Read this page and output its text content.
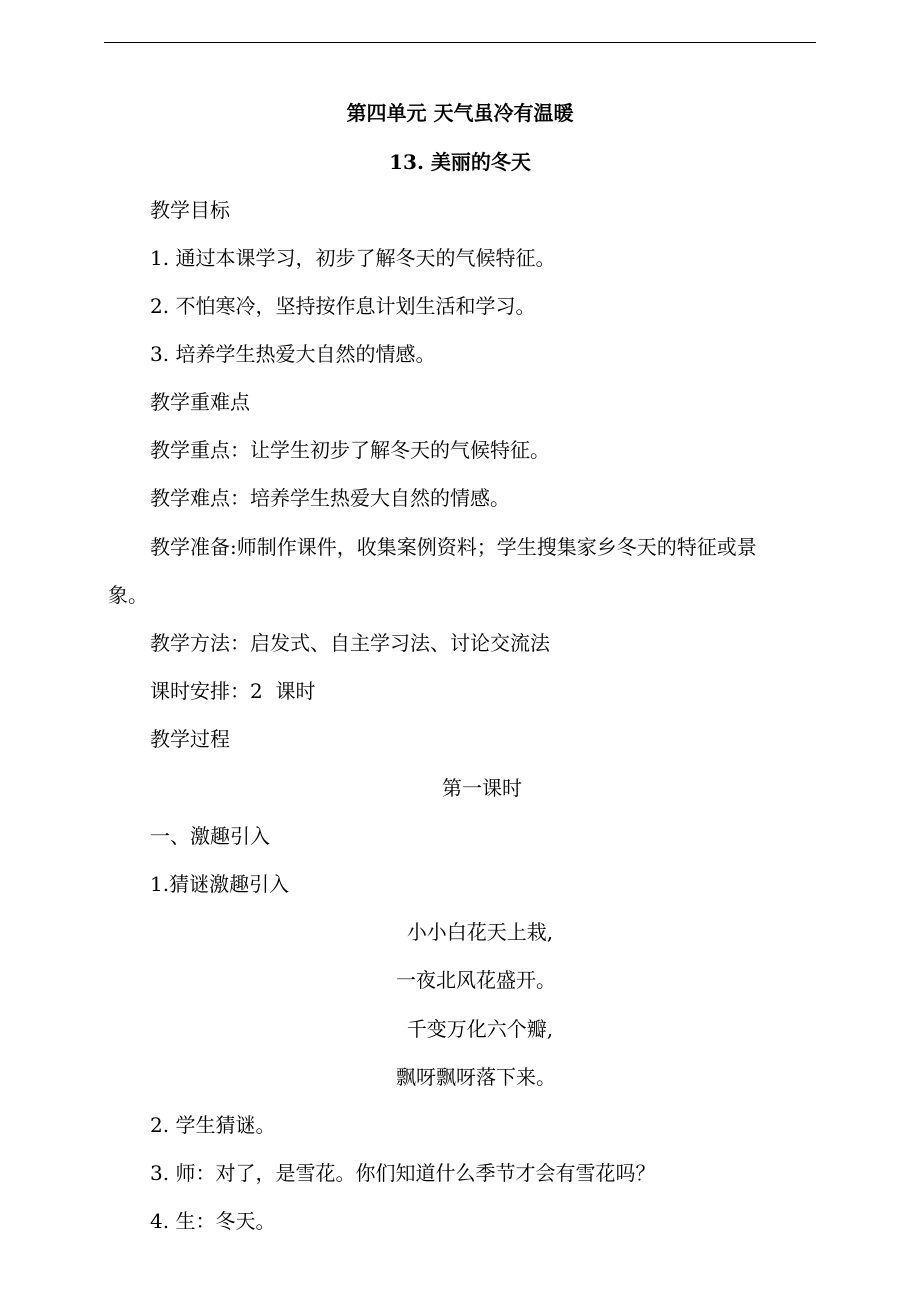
第四单元 天气虽冷有温暖
13. 美丽的冬天
教学目标
1. 通过本课学习，初步了解冬天的气候特征。
2. 不怕寒冷，坚持按作息计划生活和学习。
3. 培养学生热爱大自然的情感。
教学重难点
教学重点：让学生初步了解冬天的气候特征。
教学难点：培养学生热爱大自然的情感。
教学准备:师制作课件，收集案例资料；学生搜集家乡冬天的特征或景
象。
教学方法：启发式、自主学习法、讨论交流法
课时安排：2  课时
教学过程
第一课时
一、激趣引入
1.猜谜激趣引入
小小白花天上栽,
一夜北风花盛开。
千变万化六个瓣,
飘呀飘呀落下来。
2. 学生猜谜。
3. 师：对了，是雪花。你们知道什么季节才会有雪花吗？
4. 生：冬天。
